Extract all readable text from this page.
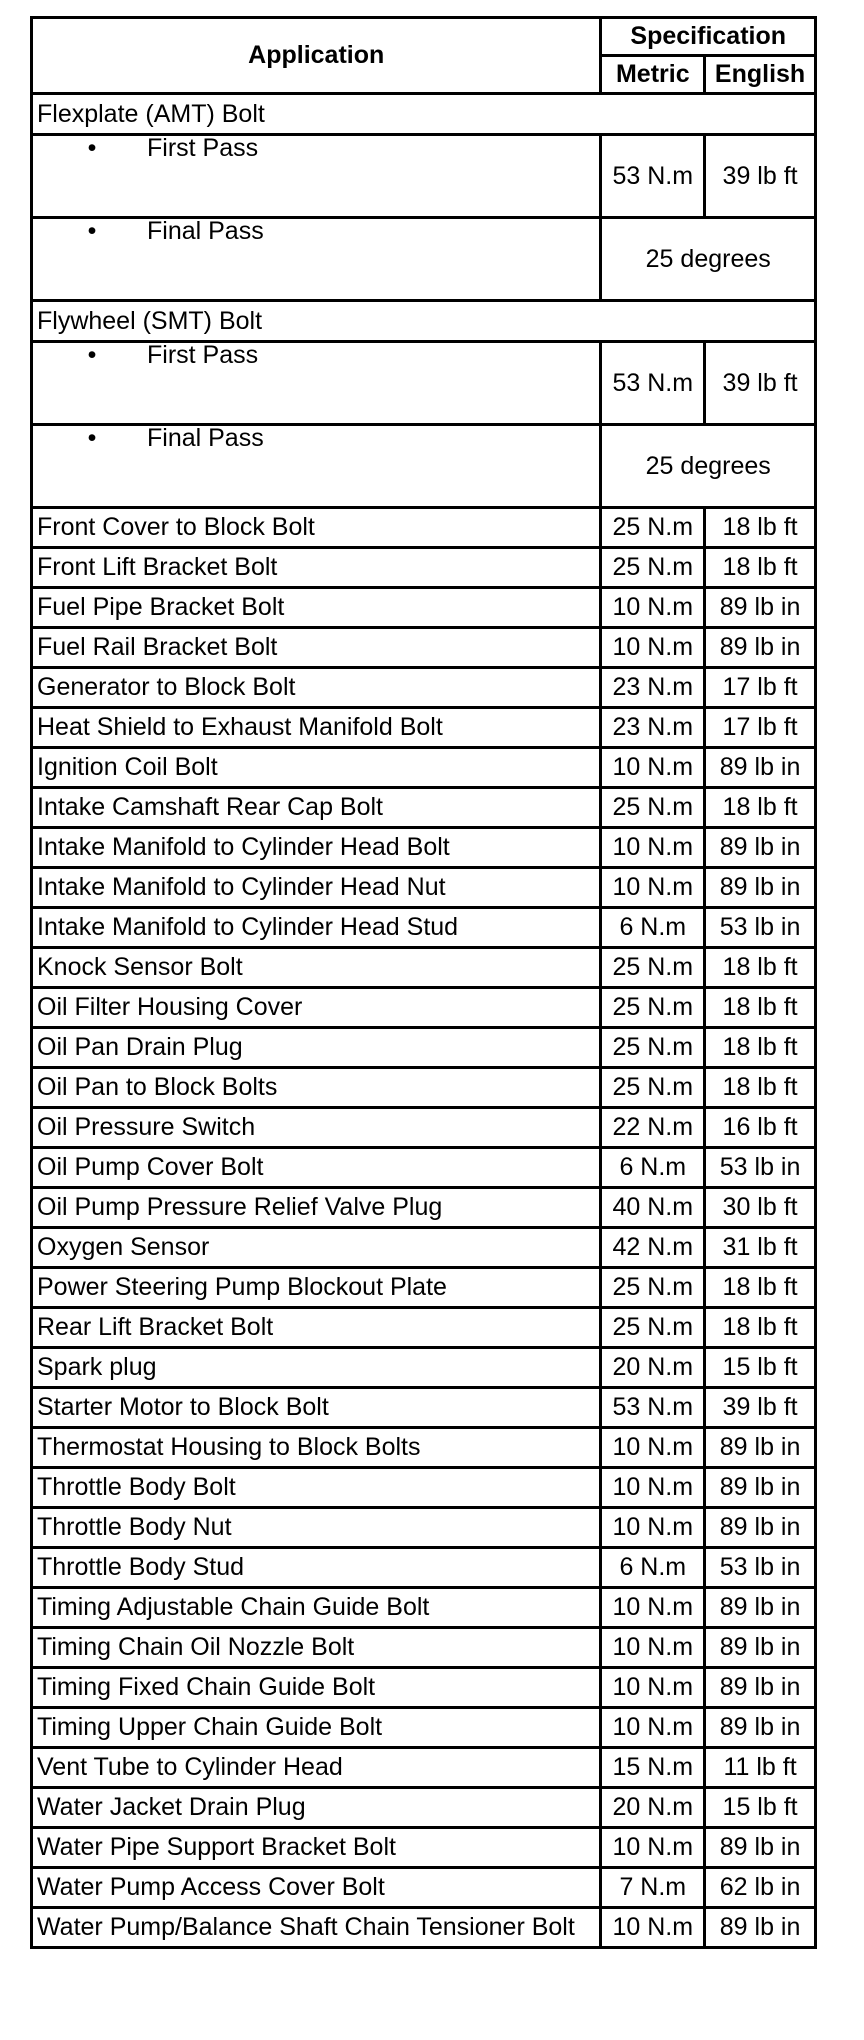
Application	Specification	
	Metric	English
Flexplate (AMT) Bolt		
• First Pass	53 N.m	39 lb ft
• Final Pass	25 degrees	
Flywheel (SMT) Bolt		
• First Pass	53 N.m	39 lb ft
• Final Pass	25 degrees	
Front Cover to Block Bolt	25 N.m	18 lb ft
Front Lift Bracket Bolt	25 N.m	18 lb ft
Fuel Pipe Bracket Bolt	10 N.m	89 lb in
Fuel Rail Bracket Bolt	10 N.m	89 lb in
Generator to Block Bolt	23 N.m	17 lb ft
Heat Shield to Exhaust Manifold Bolt	23 N.m	17 lb ft
Ignition Coil Bolt	10 N.m	89 lb in
Intake Camshaft Rear Cap Bolt	25 N.m	18 lb ft
Intake Manifold to Cylinder Head Bolt	10 N.m	89 lb in
Intake Manifold to Cylinder Head Nut	10 N.m	89 lb in
Intake Manifold to Cylinder Head Stud	6 N.m	53 lb in
Knock Sensor Bolt	25 N.m	18 lb ft
Oil Filter Housing Cover	25 N.m	18 lb ft
Oil Pan Drain Plug	25 N.m	18 lb ft
Oil Pan to Block Bolts	25 N.m	18 lb ft
Oil Pressure Switch	22 N.m	16 lb ft
Oil Pump Cover Bolt	6 N.m	53 lb in
Oil Pump Pressure Relief Valve Plug	40 N.m	30 lb ft
Oxygen Sensor	42 N.m	31 lb ft
Power Steering Pump Blockout Plate	25 N.m	18 lb ft
Rear Lift Bracket Bolt	25 N.m	18 lb ft
Spark plug	20 N.m	15 lb ft
Starter Motor to Block Bolt	53 N.m	39 lb ft
Thermostat Housing to Block Bolts	10 N.m	89 lb in
Throttle Body Bolt	10 N.m	89 lb in
Throttle Body Nut	10 N.m	89 lb in
Throttle Body Stud	6 N.m	53 lb in
Timing Adjustable Chain Guide Bolt	10 N.m	89 lb in
Timing Chain Oil Nozzle Bolt	10 N.m	89 lb in
Timing Fixed Chain Guide Bolt	10 N.m	89 lb in
Timing Upper Chain Guide Bolt	10 N.m	89 lb in
Vent Tube to Cylinder Head	15 N.m	11 lb ft
Water Jacket Drain Plug	20 N.m	15 lb ft
Water Pipe Support Bracket Bolt	10 N.m	89 lb in
Water Pump Access Cover Bolt	7 N.m	62 lb in
Water Pump/Balance Shaft Chain Tensioner Bolt	10 N.m	89 lb in
